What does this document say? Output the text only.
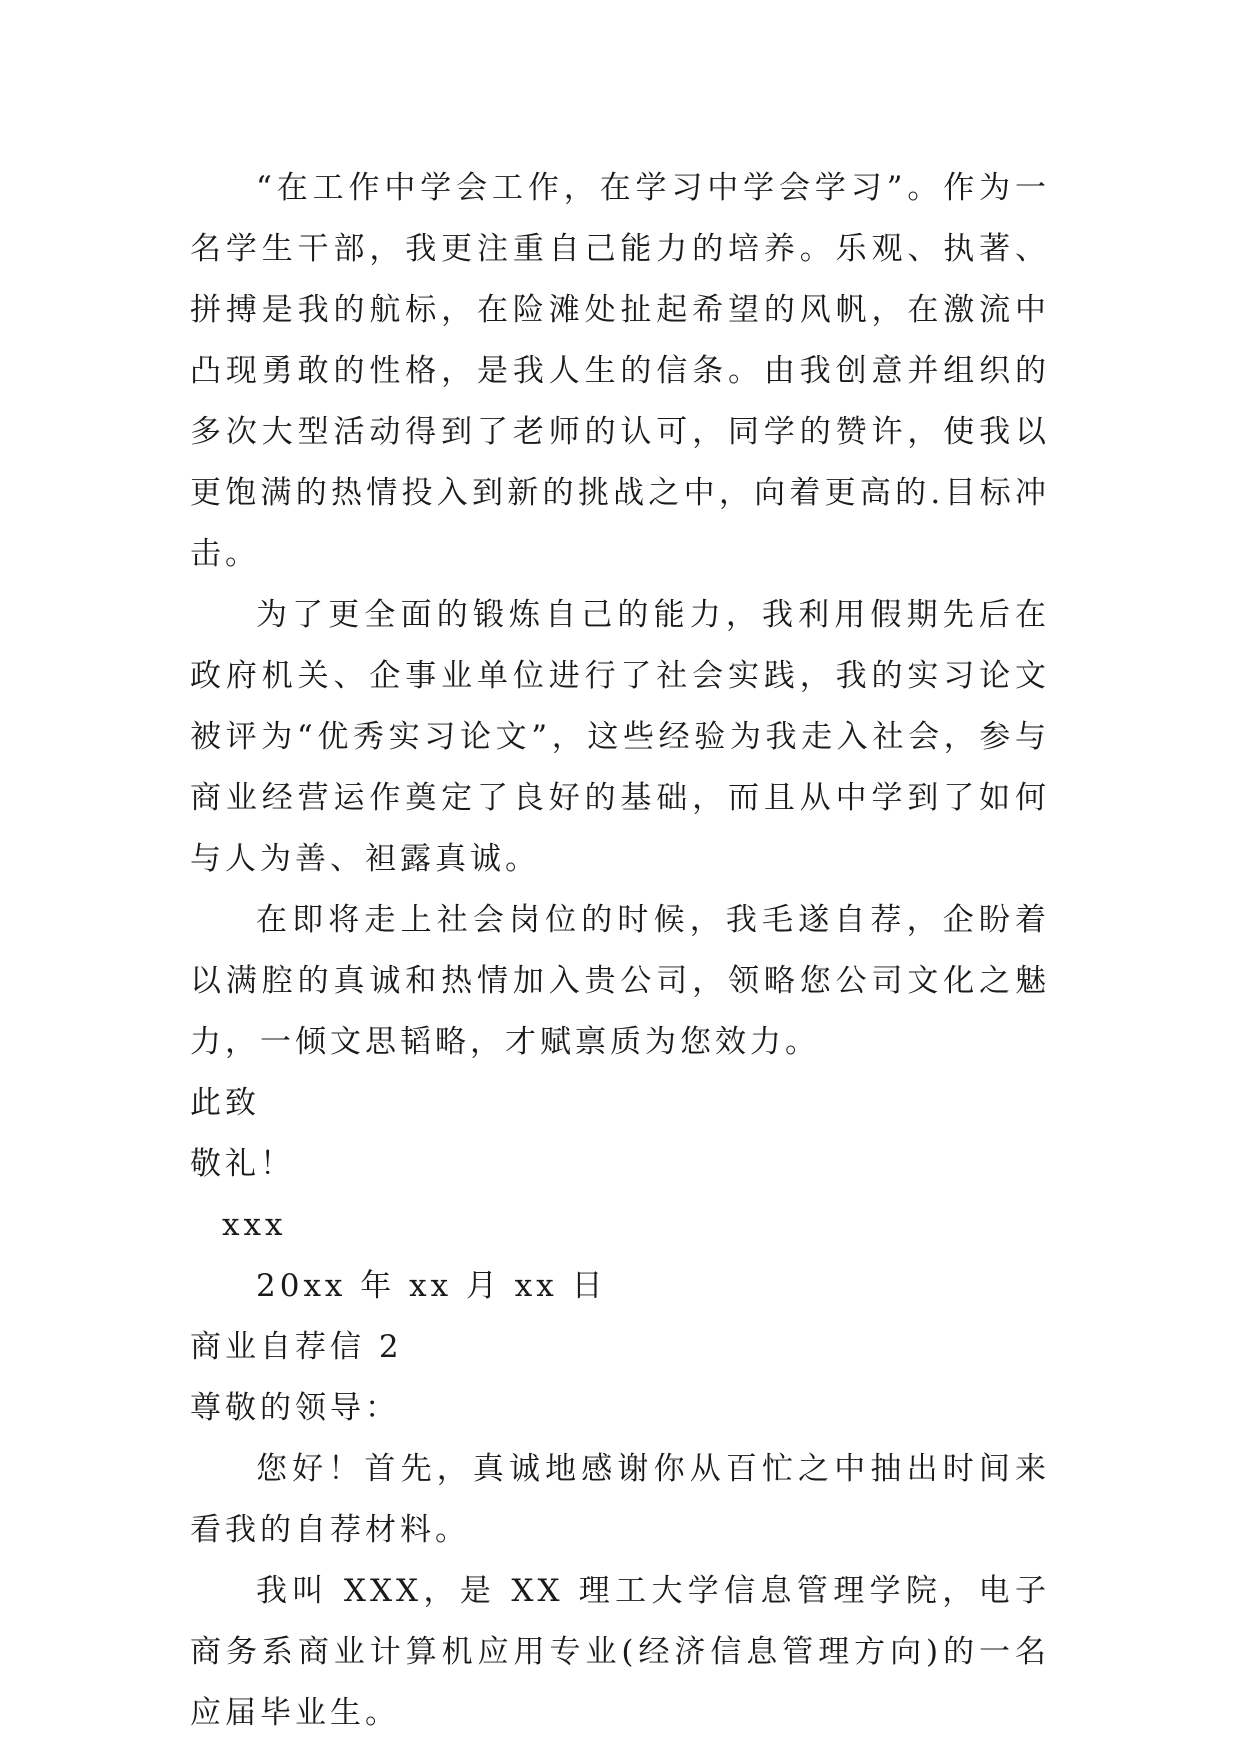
“在工作中学会工作，在学习中学会学习”。作为一名学生干部，我更注重自己能力的培养。乐观、执著、拼搏是我的航标，在险滩处扯起希望的风帆，在激流中凸现勇敢的性格，是我人生的信条。由我创意并组织的多次大型活动得到了老师的认可，同学的赞许，使我以更饱满的热情投入到新的挑战之中，向着更高的.目标冲击。

为了更全面的锻炼自己的能力，我利用假期先后在政府机关、企事业单位进行了社会实践，我的实习论文被评为“优秀实习论文”，这些经验为我走入社会，参与商业经营运作奠定了良好的基础，而且从中学到了如何与人为善、袒露真诚。

在即将走上社会岗位的时候，我毛遂自荐，企盼着以满腔的真诚和热情加入贵公司，领略您公司文化之魅力，一倾文思韬略，才赋禀质为您效力。

此致

敬礼！

xxx

20xx 年 xx 月 xx 日

商业自荐信 2

尊敬的领导：

您好！首先，真诚地感谢你从百忙之中抽出时间来看我的自荐材料。

我叫 XXX，是 XX 理工大学信息管理学院，电子商务系商业计算机应用专业(经济信息管理方向)的一名应届毕业生。
